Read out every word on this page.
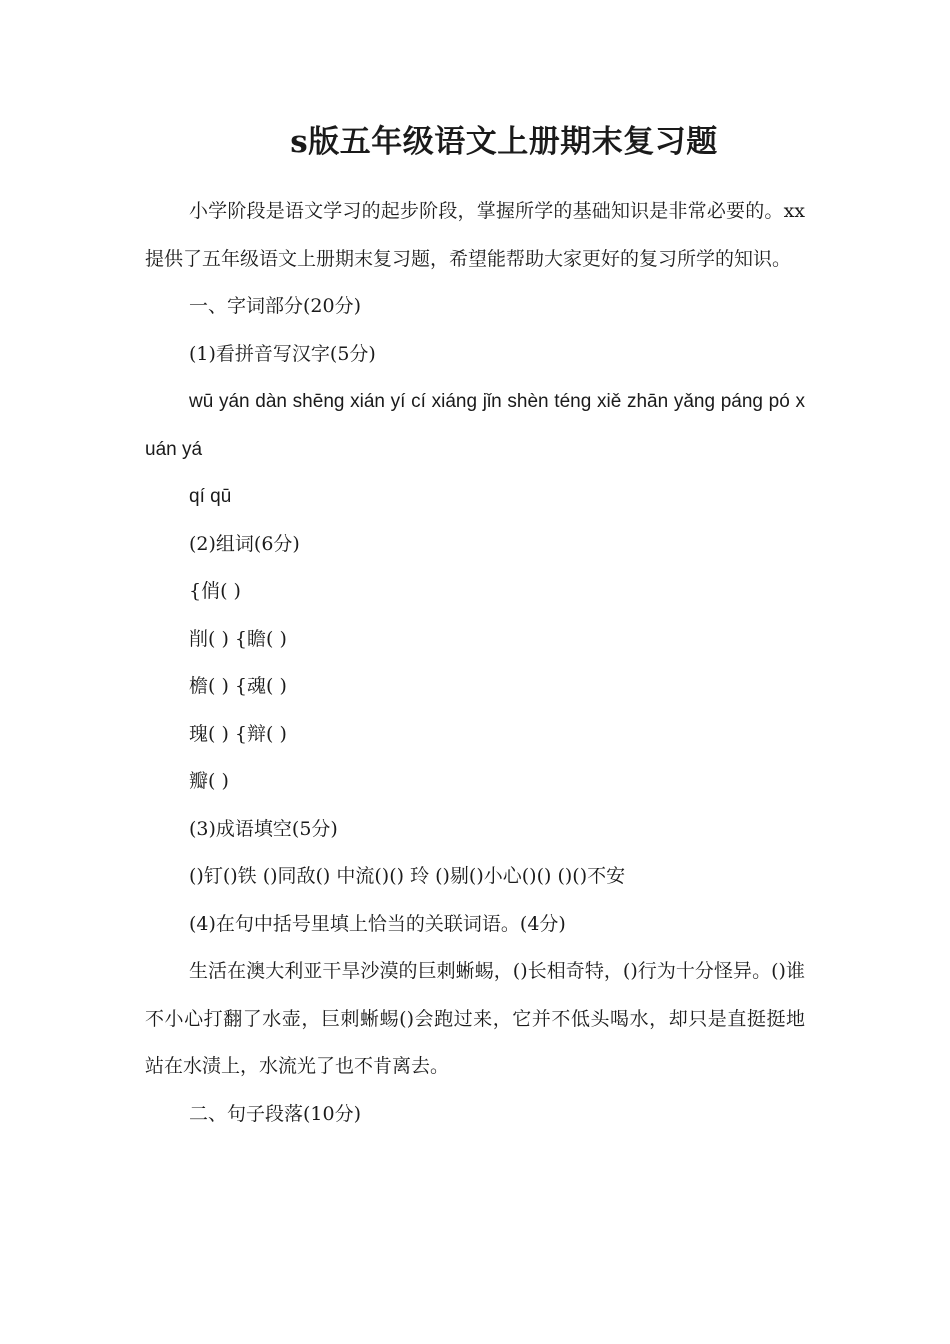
s版五年级语文上册期末复习题

小学阶段是语文学习的起步阶段，掌握所学的基础知识是非常必要的。xx提供了五年级语文上册期末复习题，希望能帮助大家更好的复习所学的知识。

一、字词部分(20分)

(1)看拼音写汉字(5分)

wū yán dàn shēng xián yí cí xiáng jǐn shèn téng xiě zhān yǎng páng pó xuán yá

qí qū

(2)组词(6分)

{俏( )

削( ) {瞻( )

檐( ) {魂( )

瑰( ) {辩( )

瓣( )

(3)成语填空(5分)

()钉()铁 ()同敌() 中流()() 玲 ()剔()小心()() ()()不安

(4)在句中括号里填上恰当的关联词语。(4分)

生活在澳大利亚干旱沙漠的巨刺蜥蜴，()长相奇特，()行为十分怪异。()谁不小心打翻了水壶，巨刺蜥蜴()会跑过来，它并不低头喝水，却只是直挺挺地站在水渍上，水流光了也不肯离去。

二、句子段落(10分)
